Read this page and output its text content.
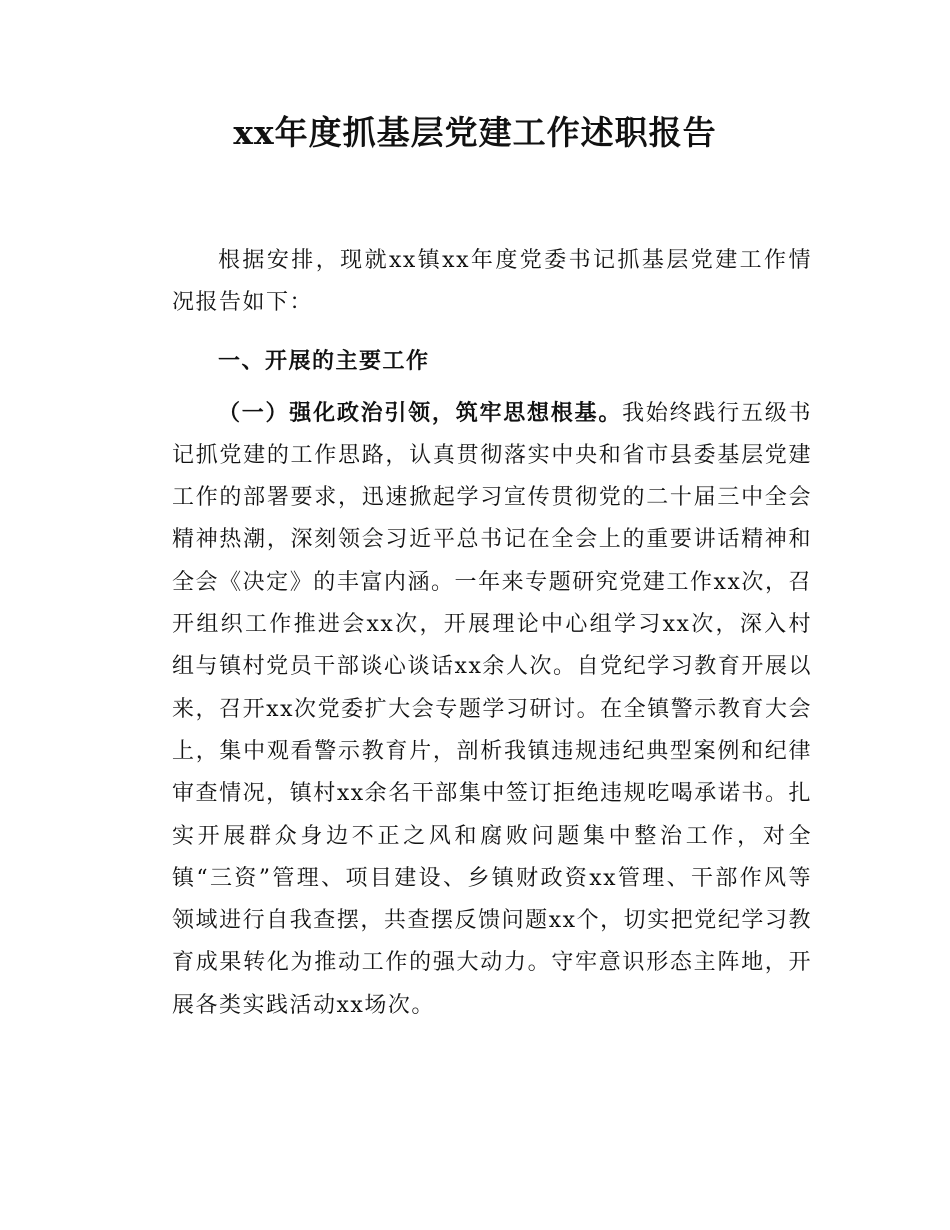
xx年度抓基层党建工作述职报告

根据安排，现就xx镇xx年度党委书记抓基层党建工作情况报告如下：

一、开展的主要工作

（一）强化政治引领，筑牢思想根基。我始终践行五级书记抓党建的工作思路，认真贯彻落实中央和省市县委基层党建工作的部署要求，迅速掀起学习宣传贯彻党的二十届三中全会精神热潮，深刻领会习近平总书记在全会上的重要讲话精神和全会《决定》的丰富内涵。一年来专题研究党建工作xx次，召开组织工作推进会xx次，开展理论中心组学习xx次，深入村组与镇村党员干部谈心谈话xx余人次。自党纪学习教育开展以来，召开xx次党委扩大会专题学习研讨。在全镇警示教育大会上，集中观看警示教育片，剖析我镇违规违纪典型案例和纪律审查情况，镇村xx余名干部集中签订拒绝违规吃喝承诺书。扎实开展群众身边不正之风和腐败问题集中整治工作，对全镇“三资”管理、项目建设、乡镇财政资xx管理、干部作风等领域进行自我查摆，共查摆反馈问题xx个，切实把党纪学习教育成果转化为推动工作的强大动力。守牢意识形态主阵地，开展各类实践活动xx场次。
